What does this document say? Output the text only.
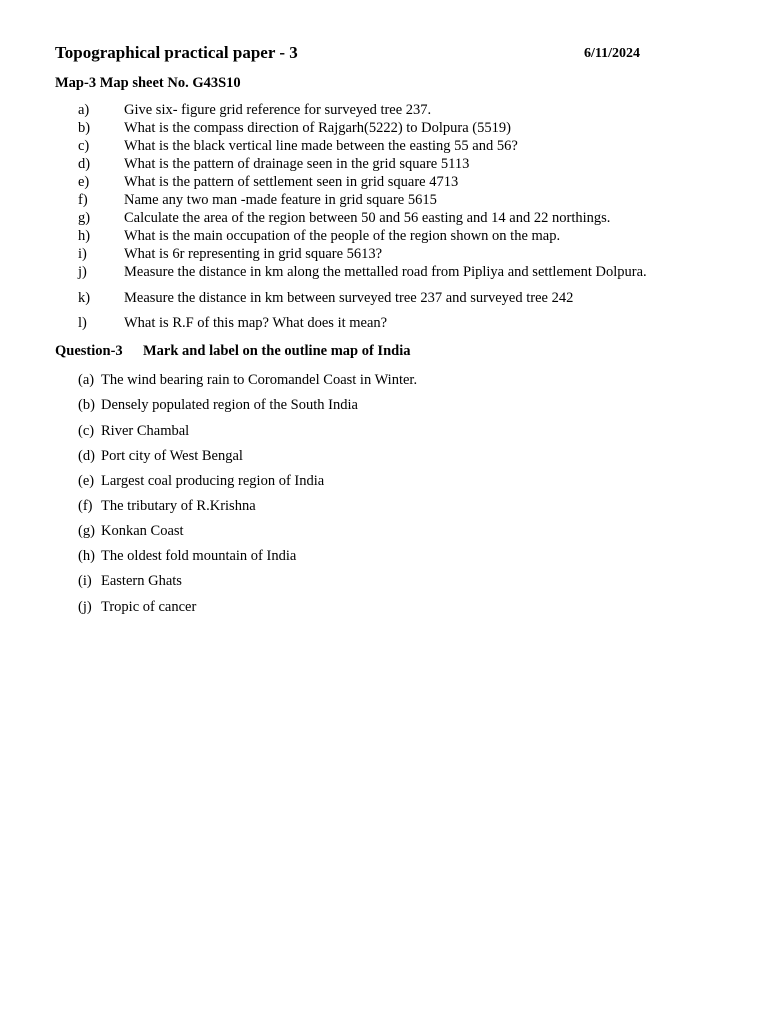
Topographical practical paper - 3	6/11/2024
Map-3 Map sheet No. G43S10
a) Give six- figure grid reference for surveyed tree 237.
b) What is the compass direction of Rajgarh(5222) to Dolpura (5519)
c) What is the black vertical line made between the easting 55 and 56?
d) What is the pattern of drainage seen in the grid square 5113
e) What is the pattern of settlement seen in grid square 4713
f)	Name any two man -made feature in grid square 5615
g) Calculate the area of the region between 50 and 56 easting and 14 and 22 northings.
h) What is the main occupation of the people of the region shown on the map.
i)	What is 6r representing in grid square 5613?
j)	Measure the distance in km along the mettalled road from Pipliya and settlement Dolpura.
k) Measure the distance in km between surveyed tree 237 and surveyed tree 242
l)	What is R.F of this map? What does it mean?
Question-3 Mark and label on the outline map of India
(a) The wind bearing rain to Coromandel Coast in Winter.
(b) Densely populated region of the South India
(c) River Chambal
(d) Port city of West Bengal
(e) Largest coal producing region of India
(f) The tributary of R.Krishna
(g) Konkan Coast
(h) The oldest fold mountain of India
(i) Eastern Ghats
(j) Tropic of cancer
